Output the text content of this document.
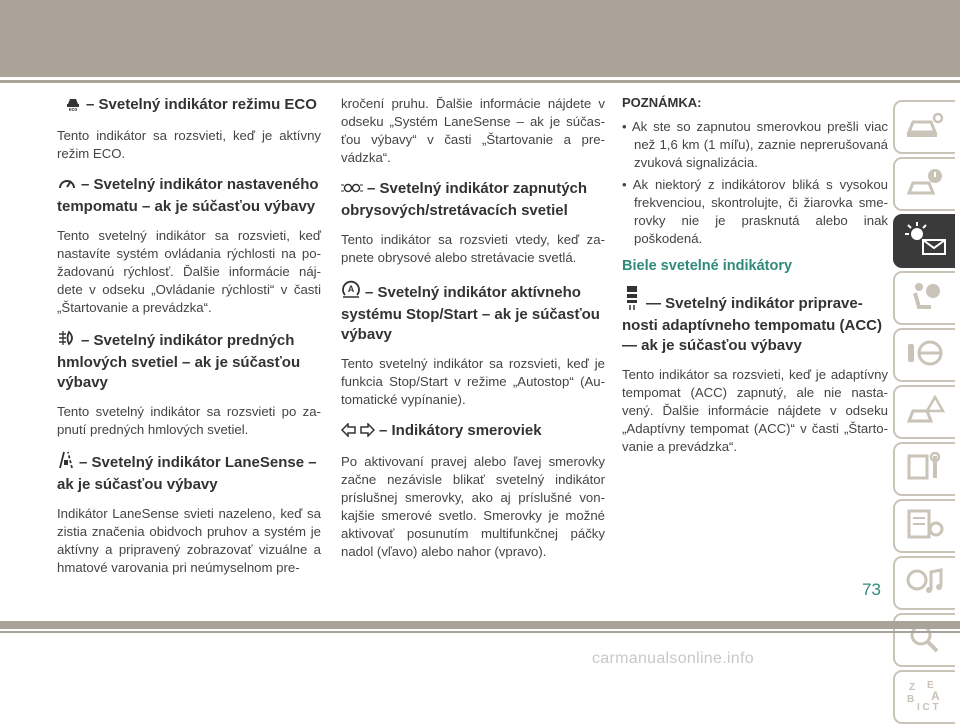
eco – Svetelný indikátor režimu ECO

Tento indikátor sa rozsvieti, keď je aktívny režim ECO.

– Svetelný indikátor nastaveného tempomatu – ak je súčasťou výbavy

Tento svetelný indikátor sa rozsvieti, keď nastavíte systém ovládania rýchlosti na po-žadovanú rýchlosť. Ďalšie informácie náj-dete v odseku „Ovládanie rýchlosti“ v časti „Štartovanie a prevádzka“.

– Svetelný indikátor predných hmlových svetiel – ak je súčasťou výbavy

Tento svetelný indikátor sa rozsvieti po za-pnutí predných hmlových svetiel.

– Svetelný indikátor LaneSense – ak je súčasťou výbavy

Indikátor LaneSense svieti nazeleno, keď sa zistia značenia obidvoch pruhov a systém je aktívny a pripravený zobrazovať vizuálne a hmatové varovania pri neúmyselnom pre-

kročení pruhu. Ďalšie informácie nájdete v odseku „Systém LaneSense – ak je súčas-ťou výbavy“ v časti „Štartovanie a pre-vádzka“.

– Svetelný indikátor zapnutých obrysových/stretávacích svetiel

Tento indikátor sa rozsvieti vtedy, keď za-pnete obrysové alebo stretávacie svetlá.

A – Svetelný indikátor aktívneho systému Stop/Start – ak je súčasťou výbavy

Tento svetelný indikátor sa rozsvieti, keď je funkcia Stop/Start v režime „Autostop“ (Au-tomatické vypínanie).

– Indikátory smeroviek

Po aktivovaní pravej alebo ľavej smerovky začne nezávisle blikať svetelný indikátor príslušnej smerovky, ako aj príslušné von-kajšie smerové svetlo. Smerovky je možné aktivovať posunutím multifunkčnej páčky nadol (vľavo) alebo nahor (vpravo).

POZNÁMKA:
• Ak ste so zapnutou smerovkou prešli viac než 1,6 km (1 míľu), zaznie neprerušovaná zvuková signalizácia.
• Ak niektorý z indikátorov bliká s vysokou frekvenciou, skontrolujte, či žiarovka sme-rovky nie je prasknutá alebo inak poškodená.
Biele svetelné indikátory
— Svetelný indikátor priprave-nosti adaptívneho tempomatu (ACC) — ak je súčasťou výbavy

Tento indikátor sa rozsvieti, keď je adaptívny tempomat (ACC) zapnutý, ale nie nasta-vený. Ďalšie informácie nájdete v odseku „Adaptívny tempomat (ACC)“ v časti „Štarto-vanie a prevádzka“.

Z E
B A
I C T
73
carmanualsonline.info
